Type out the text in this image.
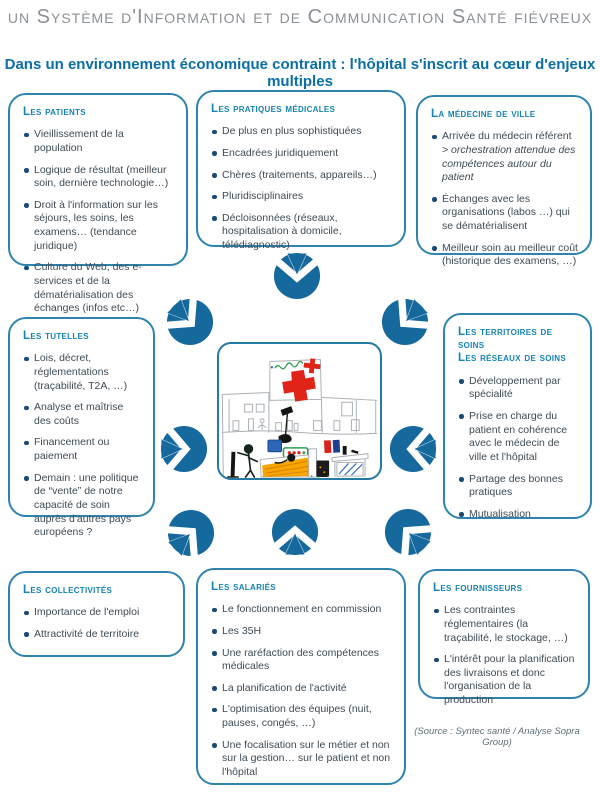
un Système d'Information et de Communication Santé fiévreux
Dans un environnement économique contraint : l'hôpital s'inscrit au cœur d'enjeux multiples
Les patients
Vieillissement de la population
Logique de résultat (meilleur soin, dernière technologie…)
Droit à l'information sur les séjours, les soins, les examens… (tendance juridique)
Culture du Web, des e-services et de la dématérialisation des échanges (infos etc…)
Les pratiques médicales
De plus en plus sophistiquées
Encadrées juridiquement
Chères (traitements, appareils…)
Pluridisciplinaires
Décloisonnées (réseaux, hospitalisation à domicile, télédiagnostic)
La médecine de ville
Arrivée du médecin référent
> orchestration attendue des compétences autour du patient
Échanges avec les organisations (labos …) qui se dématérialisent
Meilleur soin au meilleur coût (historique des examens, …)
Les tutelles
Lois, décret, réglementations (traçabilité, T2A, …)
Analyse et maîtrise des coûts
Financement ou paiement
Demain : une politique de “vente” de notre capacité de soin auprès d'autres pays européens ?
Les territoires de soins
Les réseaux de soins
Développement par spécialité
Prise en charge du patient en cohérence avec le médecin de ville et l'hôpital
Partage des bonnes pratiques
Mutualisation
Les collectivités
Importance de l'emploi
Attractivité de territoire
Les salariés
Le fonctionnement en commission
Les 35H
Une raréfaction des compétences médicales
La planification de l'activité
L'optimisation des équipes (nuit, pauses, congés, …)
Une focalisation sur le métier et non sur la gestion… sur le patient et non l'hôpital
Les fournisseurs
Les contraintes réglementaires (la traçabilité, le stockage, …)
L'intérêt pour la planification des livraisons et donc l'organisation de la production
(Source : Syntec santé / Analyse Sopra Group)
